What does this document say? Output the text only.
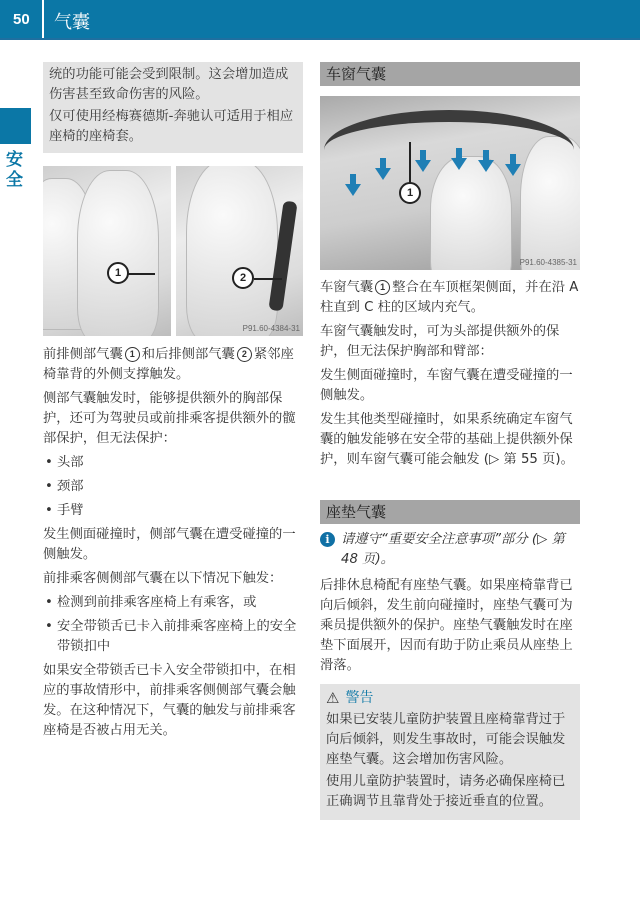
50 气囊
安全

统的功能可能会受到限制。这会增加造成伤害甚至致命伤害的风险。

仅可使用经梅赛德斯-奔驰认可适用于相应座椅的座椅套。

1	2
P91.60-4384-31

前排侧部气囊 1 和后排侧部气囊 2 紧邻座椅靠背的外侧支撑触发。

侧部气囊触发时，能够提供额外的胸部保护，还可为驾驶员或前排乘客提供额外的髋部保护，但无法保护：

• 头部
• 颈部
• 手臂

发生侧面碰撞时，侧部气囊在遭受碰撞的一侧触发。

前排乘客侧侧部气囊在以下情况下触发：

• 检测到前排乘客座椅上有乘客，或
• 安全带锁舌已卡入前排乘客座椅上的安全带锁扣中

如果安全带锁舌已卡入安全带锁扣中，在相应的事故情形中，前排乘客侧侧部气囊会触发。在这种情况下，气囊的触发与前排乘客座椅是否被占用无关。

车窗气囊
1
P91.60-4385-31

车窗气囊 1 整合在车顶框架侧面，并在沿 A 柱直到 C 柱的区域内充气。

车窗气囊触发时，可为头部提供额外的保护，但无法保护胸部和臂部：

发生侧面碰撞时，车窗气囊在遭受碰撞的一侧触发。

发生其他类型碰撞时，如果系统确定车窗气囊的触发能够在安全带的基础上提供额外保护，则车窗气囊可能会触发 (▷ 第 55 页)。

座垫气囊
i 请遵守“重要安全注意事项”部分 (▷ 第 48 页)。

后排休息椅配有座垫气囊。如果座椅靠背已向后倾斜，发生前向碰撞时，座垫气囊可为乘员提供额外的保护。座垫气囊触发时在座垫下面展开，因而有助于防止乘员从座垫上滑落。

⚠ 警告

如果已安装儿童防护装置且座椅靠背过于向后倾斜，则发生事故时，可能会误触发座垫气囊。这会增加伤害风险。

使用儿童防护装置时，请务必确保座椅已正确调节且靠背处于接近垂直的位置。
